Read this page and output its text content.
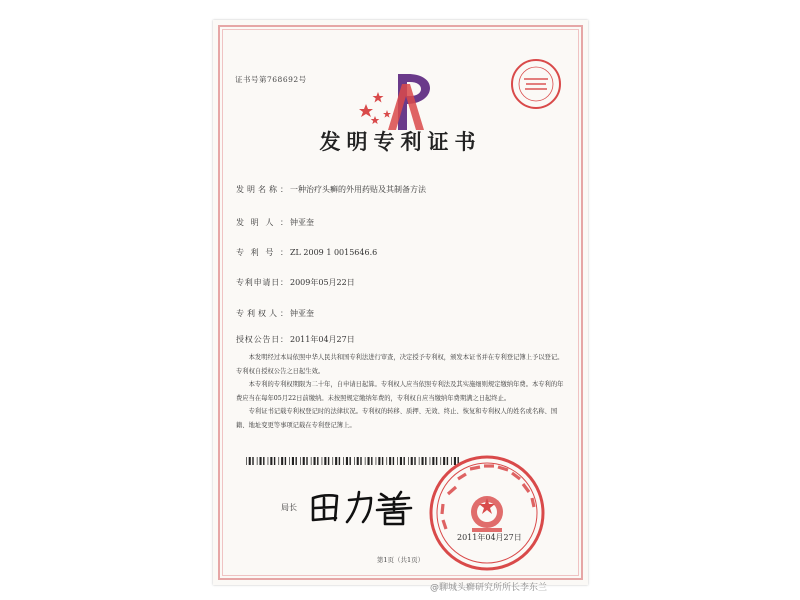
证书号第768692号
发明专利证书
发明名称： 一种治疗头癣的外用药贴及其制备方法
发明人： 钟亚奎
专利号： ZL 2009 1 0015646.6
专利申请日： 2009年05月22日
专利权人： 钟亚奎
授权公告日： 2011年04月27日

本发明经过本局依照中华人民共和国专利法进行审查，决定授予专利权，颁发本证书并在专利登记簿上予以登记。专利权自授权公告之日起生效。

本专利的专利权期限为二十年，自申请日起算。专利权人应当依照专利法及其实施细则规定缴纳年费。本专利的年费应当在每年05月22日前缴纳。未按照规定缴纳年费的，专利权自应当缴纳年费期满之日起终止。

专利证书记载专利权登记时的法律状况。专利权的转移、质押、无效、终止、恢复和专利权人的姓名或名称、国籍、地址变更等事项记载在专利登记簿上。

局长
2011年04月27日
第1页（共1页）
@聊城头癣研究所所长李东兰
